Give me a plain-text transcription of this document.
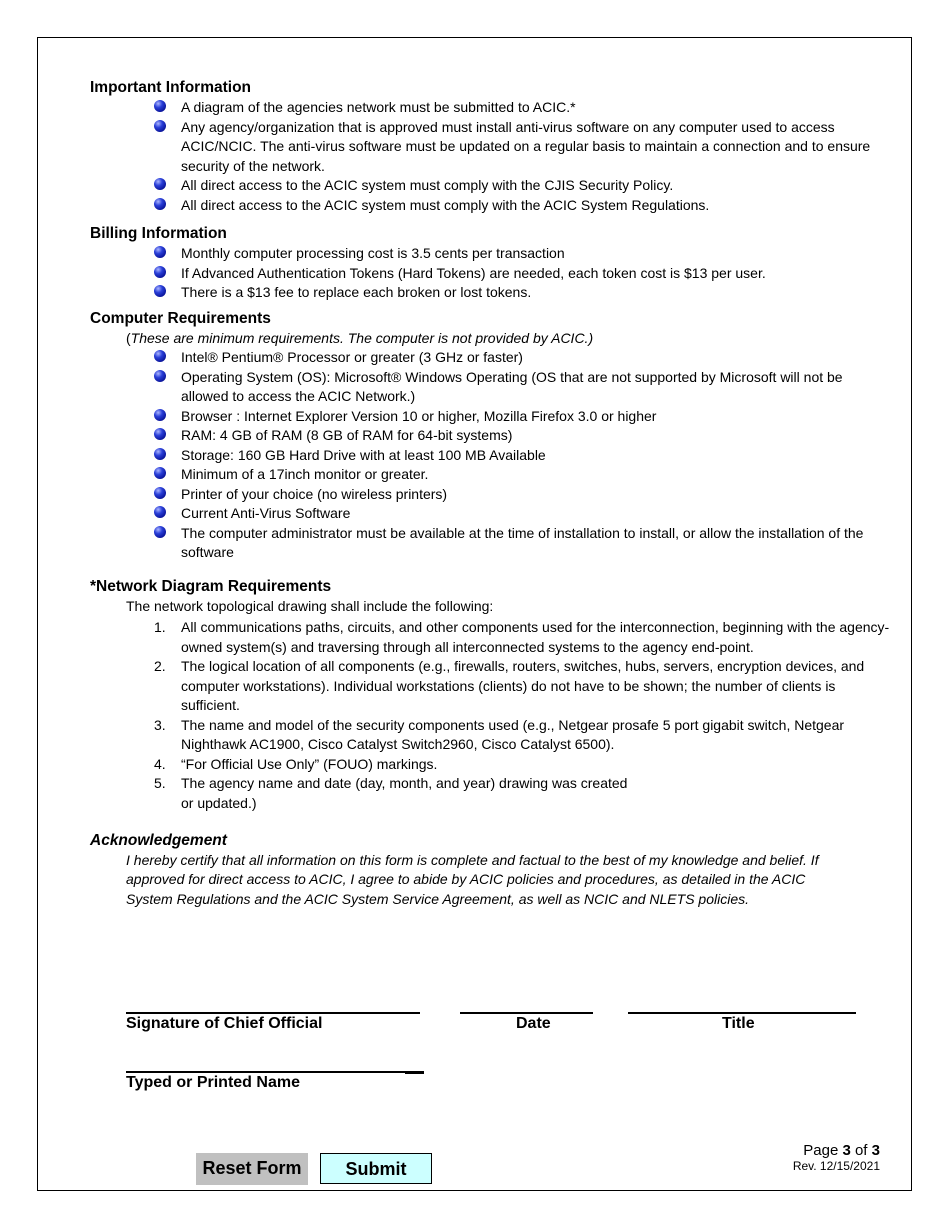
Important Information
A diagram of the agencies network must be submitted to ACIC.*
Any agency/organization that is approved must install anti-virus software on any computer used to access ACIC/NCIC. The anti-virus software must be updated on a regular basis to maintain a connection and to ensure security of the network.
All direct access to the ACIC system must comply with the CJIS Security Policy.
All direct access to the ACIC system must comply with the ACIC System Regulations.
Billing Information
Monthly computer processing cost is 3.5 cents per transaction
If Advanced Authentication Tokens (Hard Tokens) are needed, each token cost is $13 per user.
There is a $13 fee to replace each broken or lost tokens.
Computer Requirements
(These are minimum requirements. The computer is not provided by ACIC.)
Intel® Pentium® Processor or greater (3 GHz or faster)
Operating System (OS): Microsoft® Windows Operating (OS that are not supported by Microsoft will not be allowed to access the ACIC Network.)
Browser : Internet Explorer Version 10 or higher, Mozilla Firefox 3.0 or higher
RAM: 4 GB of RAM (8 GB of RAM for 64-bit systems)
Storage: 160 GB Hard Drive with at least 100 MB Available
Minimum of a 17inch monitor or greater.
Printer of your choice (no wireless printers)
Current Anti-Virus Software
The computer administrator must be available at the time of installation to install, or allow the installation of the software
*Network Diagram Requirements
The network topological drawing shall include the following:
1. All communications paths, circuits, and other components used for the interconnection, beginning with the agency-owned system(s) and traversing through all interconnected systems to the agency end-point.
2. The logical location of all components (e.g., firewalls, routers, switches, hubs, servers, encryption devices, and computer workstations). Individual workstations (clients) do not have to be shown; the number of clients is sufficient.
3. The name and model of the security components used (e.g., Netgear prosafe 5 port gigabit switch, Netgear Nighthawk AC1900, Cisco Catalyst Switch2960, Cisco Catalyst 6500).
4. “For Official Use Only” (FOUO) markings.
5. The agency name and date (day, month, and year) drawing was created
or updated.)
Acknowledgement
I hereby certify that all information on this form is complete and factual to the best of my knowledge and belief. If approved for direct access to ACIC, I agree to abide by ACIC policies and procedures, as detailed in the ACIC System Regulations and the ACIC System Service Agreement, as well as NCIC and NLETS policies.
Signature of Chief Official	Date	Title
Typed or Printed Name
Reset Form	Submit
Page 3 of 3
Rev. 12/15/2021
